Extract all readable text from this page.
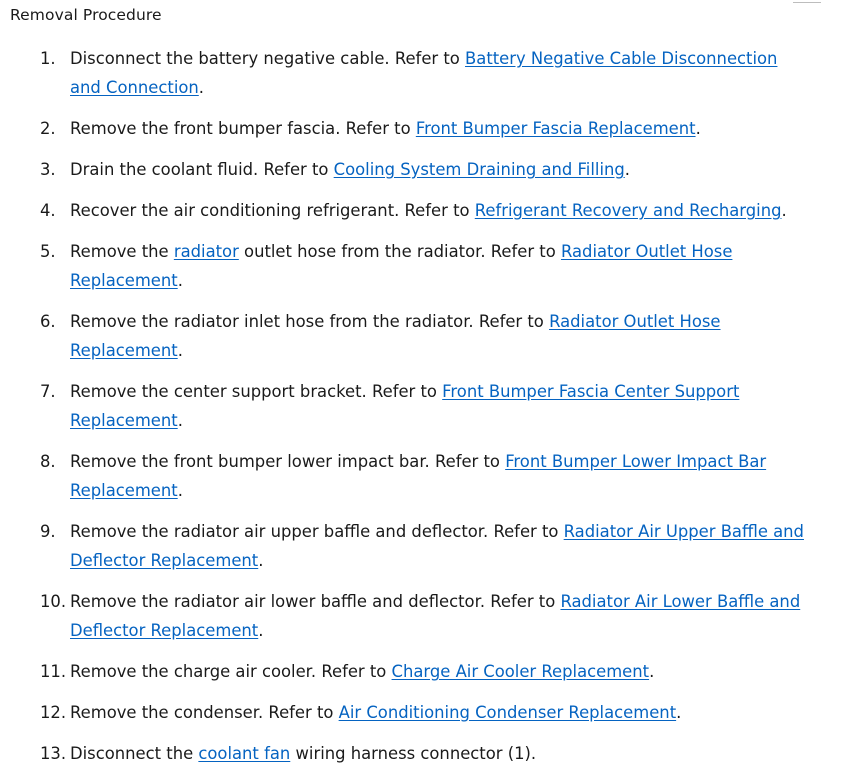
Removal Procedure
1. Disconnect the battery negative cable. Refer to Battery Negative Cable Disconnection and Connection.
2. Remove the front bumper fascia. Refer to Front Bumper Fascia Replacement.
3. Drain the coolant fluid. Refer to Cooling System Draining and Filling.
4. Recover the air conditioning refrigerant. Refer to Refrigerant Recovery and Recharging.
5. Remove the radiator outlet hose from the radiator. Refer to Radiator Outlet Hose Replacement.
6. Remove the radiator inlet hose from the radiator. Refer to Radiator Outlet Hose Replacement.
7. Remove the center support bracket. Refer to Front Bumper Fascia Center Support Replacement.
8. Remove the front bumper lower impact bar. Refer to Front Bumper Lower Impact Bar Replacement.
9. Remove the radiator air upper baffle and deflector. Refer to Radiator Air Upper Baffle and Deflector Replacement.
10. Remove the radiator air lower baffle and deflector. Refer to Radiator Air Lower Baffle and Deflector Replacement.
11. Remove the charge air cooler. Refer to Charge Air Cooler Replacement.
12. Remove the condenser. Refer to Air Conditioning Condenser Replacement.
13. Disconnect the coolant fan wiring harness connector (1).
